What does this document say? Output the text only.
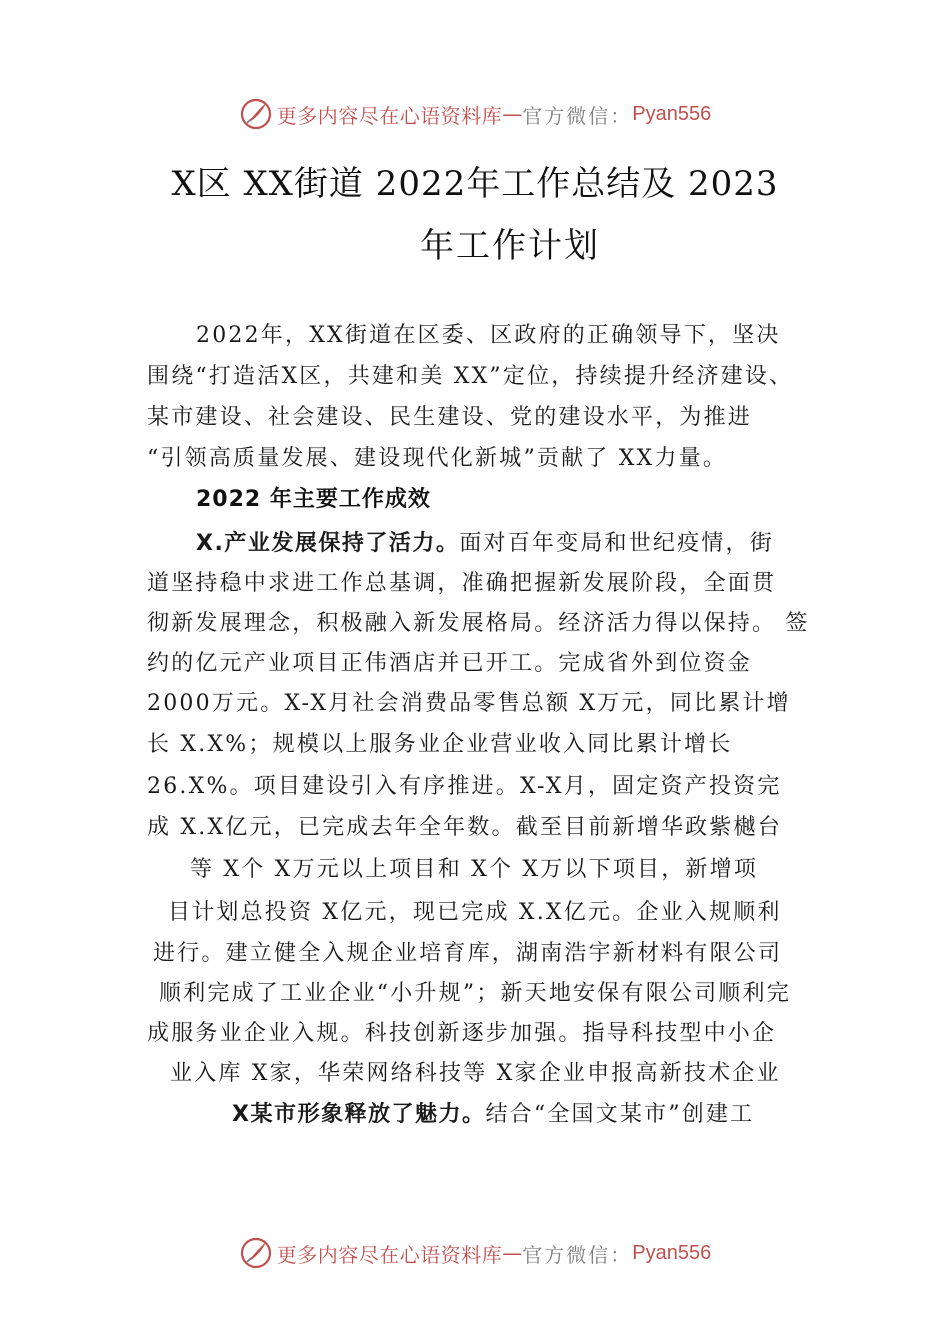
更多内容尽在心语资料库 — 官方微信： Pyan556
X区 XX街道 2022年工作总结及 2023
年工作计划
2022年，XX街道在区委、区政府的正确领导下，坚决
围绕“打造活X区，共建和美 XX”定位，持续提升经济建设、
某市建设、社会建设、民生建设、党的建设水平，为推进
“引领高质量发展、建设现代化新城”贡献了 XX力量。
2022 年主要工作成效
X.产业发展保持了活力。面对百年变局和世纪疫情，街
道坚持稳中求进工作总基调，准确把握新发展阶段，全面贯
彻新发展理念，积极融入新发展格局。经济活力得以保持。 签
约的亿元产业项目正伟酒店并已开工。完成省外到位资金
2000万元。X-X月社会消费品零售总额 X万元，同比累计增
长 X.X%；规模以上服务业企业营业收入同比累计增长
26.X%。项目建设引入有序推进。X-X月，固定资产投资完
成 X.X亿元，已完成去年全年数。截至目前新增华政紫樾台
等 X个 X万元以上项目和 X个 X万以下项目，新增项
目计划总投资 X亿元，现已完成 X.X亿元。企业入规顺利
进行。建立健全入规企业培育库，湖南浩宇新材料有限公司
顺利完成了工业企业“小升规”；新天地安保有限公司顺利完
成服务业企业入规。科技创新逐步加强。指导科技型中小企
业入库 X家，华荣网络科技等 X家企业申报高新技术企业
X某市形象释放了魅力。结合“全国文某市”创建工
更多内容尽在心语资料库 — 官方微信： Pyan556
